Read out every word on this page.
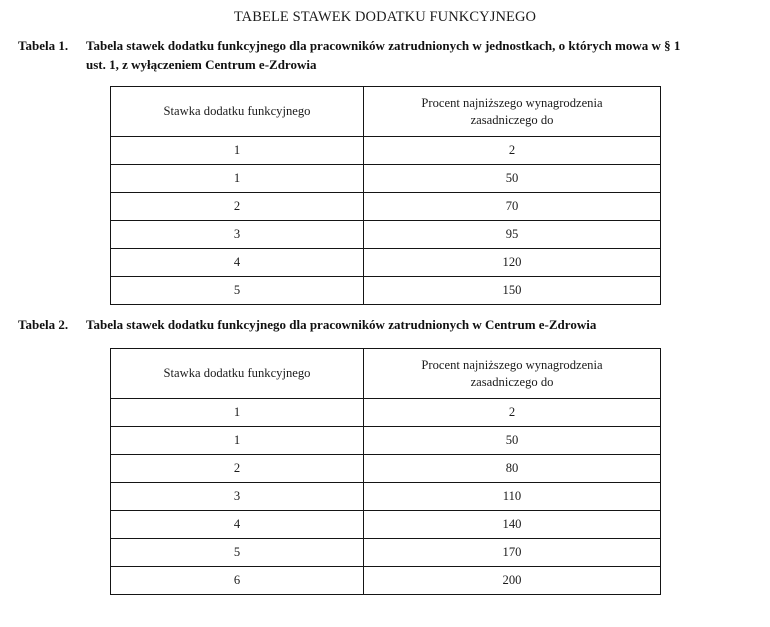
TABELE STAWEK DODATKU FUNKCYJNEGO
Tabela 1. Tabela stawek dodatku funkcyjnego dla pracowników zatrudnionych w jednostkach, o których mowa w § 1
ust. 1, z wyłączeniem Centrum e-Zdrowia
Stawka dodatku funkcyjnego	Procent najniższego wynagrodzenia
zasadniczego do

1	2
1	50
2	70
3	95
4	120
5	150
Tabela 2. Tabela stawek dodatku funkcyjnego dla pracowników zatrudnionych w Centrum e-Zdrowia
Stawka dodatku funkcyjnego	Procent najniższego wynagrodzenia
zasadniczego do

1	2
1	50
2	80
3	110
4	140
5	170
6	200
